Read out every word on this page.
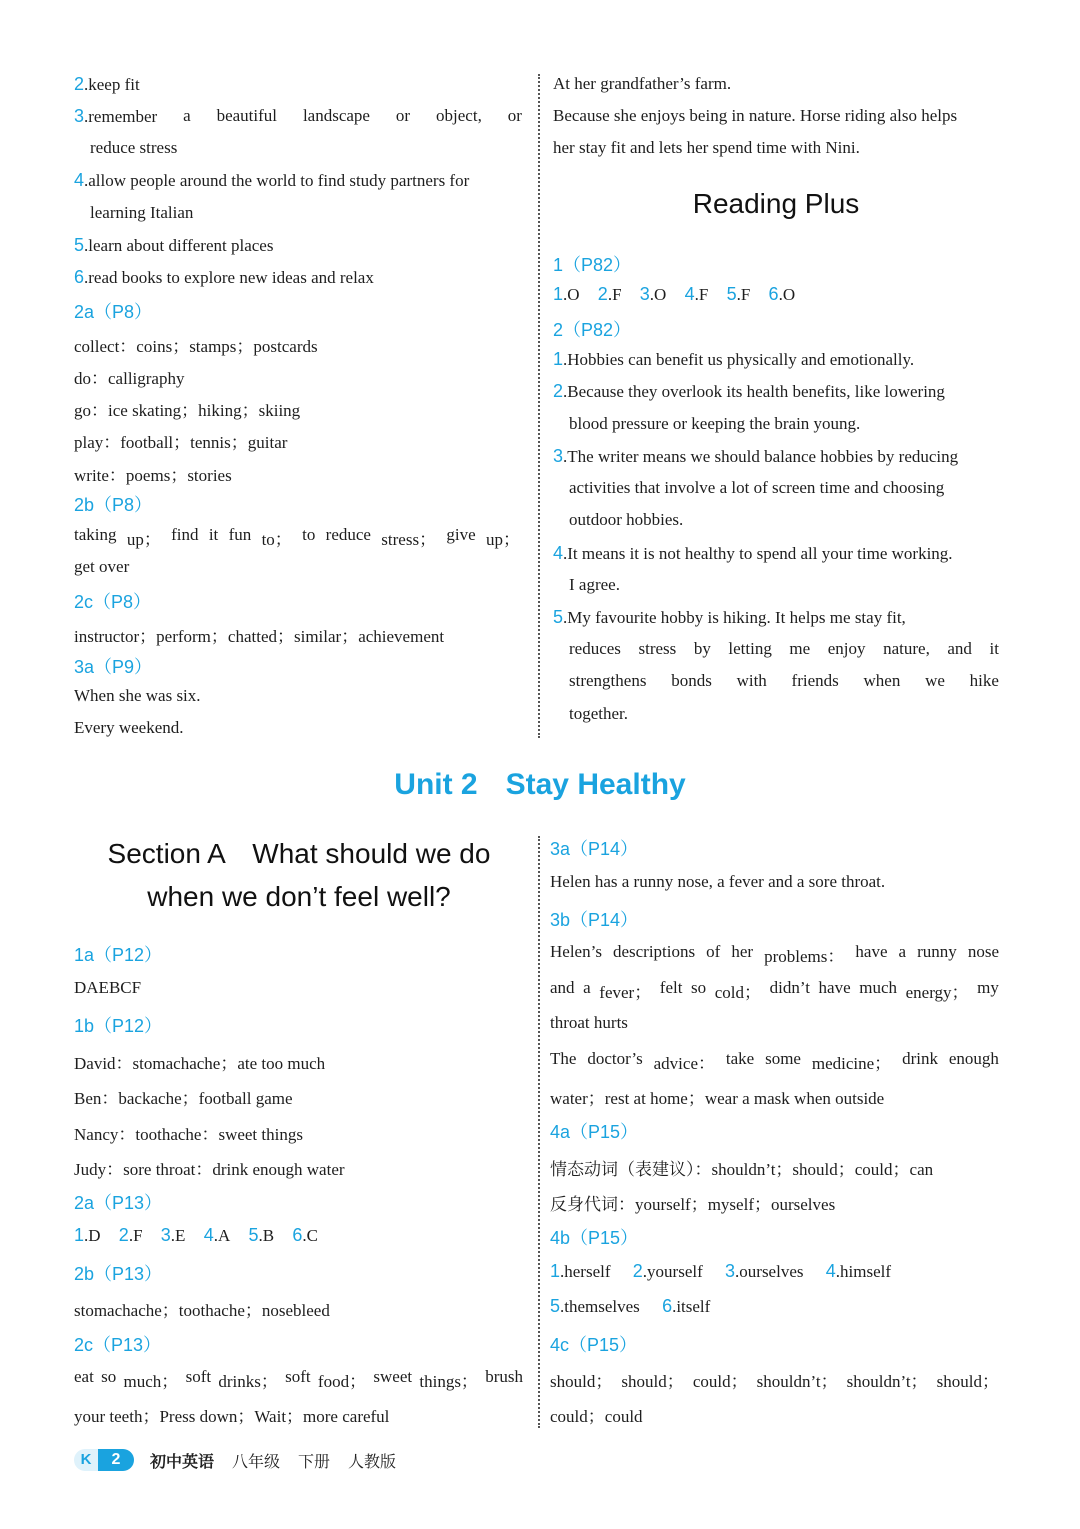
2.keep fit
3.remember a beautiful landscape or object, or
reduce stress
4.allow people around the world to find study partners for
learning Italian
5.learn about different places
6.read books to explore new ideas and relax
2a（P8）
collect：coins；stamps；postcards
do：calligraphy
go：ice skating；hiking；skiing
play：football；tennis；guitar
write：poems；stories
2b（P8）
taking up； find it fun to； to reduce stress； give up；
get over
2c（P8）
instructor；perform；chatted；similar；achievement
3a（P9）
When she was six.
Every weekend.
At her grandfather’s farm.
Because she enjoys being in nature. Horse riding also helps
her stay fit and lets her spend time with Nini.
Reading Plus
1（P82）
1.O 2.F 3.O 4.F 5.F 6.O
2（P82）
1.Hobbies can benefit us physically and emotionally.
2.Because they overlook its health benefits, like lowering
blood pressure or keeping the brain young.
3.The writer means we should balance hobbies by reducing
activities that involve a lot of screen time and choosing
outdoor hobbies.
4.It means it is not healthy to spend all your time working.
I agree.
5.My favourite hobby is hiking. It helps me stay fit,
reduces stress by letting me enjoy nature, and it
strengthens bonds with friends when we hike
together.
Unit 2 Stay Healthy
Section A　What should we do
when we don’t feel well?
1a（P12）
DAEBCF
1b（P12）
David：stomachache；ate too much
Ben：backache；football game
Nancy：toothache：sweet things
Judy：sore throat：drink enough water
2a（P13）
1.D 2.F 3.E 4.A 5.B 6.C
2b（P13）
stomachache；toothache；nosebleed
2c（P13）
eat so much； soft drinks； soft food； sweet things； brush
your teeth；Press down；Wait；more careful
3a（P14）
Helen has a runny nose, a fever and a sore throat.
3b（P14）
Helen’s descriptions of her problems： have a runny nose
and a fever； felt so cold； didn’t have much energy； my
throat hurts
The doctor’s advice： take some medicine； drink enough
water；rest at home；wear a mask when outside
4a（P15）
情态动词（表建议）：shouldn’t；should；could；can
反身代词：yourself；myself；ourselves
4b（P15）
1.herself 2.yourself 3.ourselves 4.himself
5.themselves 6.itself
4c（P15）
should； should； could； shouldn’t； shouldn’t； should；
could；could
K	2	初中英语 八年级 下册 人教版
